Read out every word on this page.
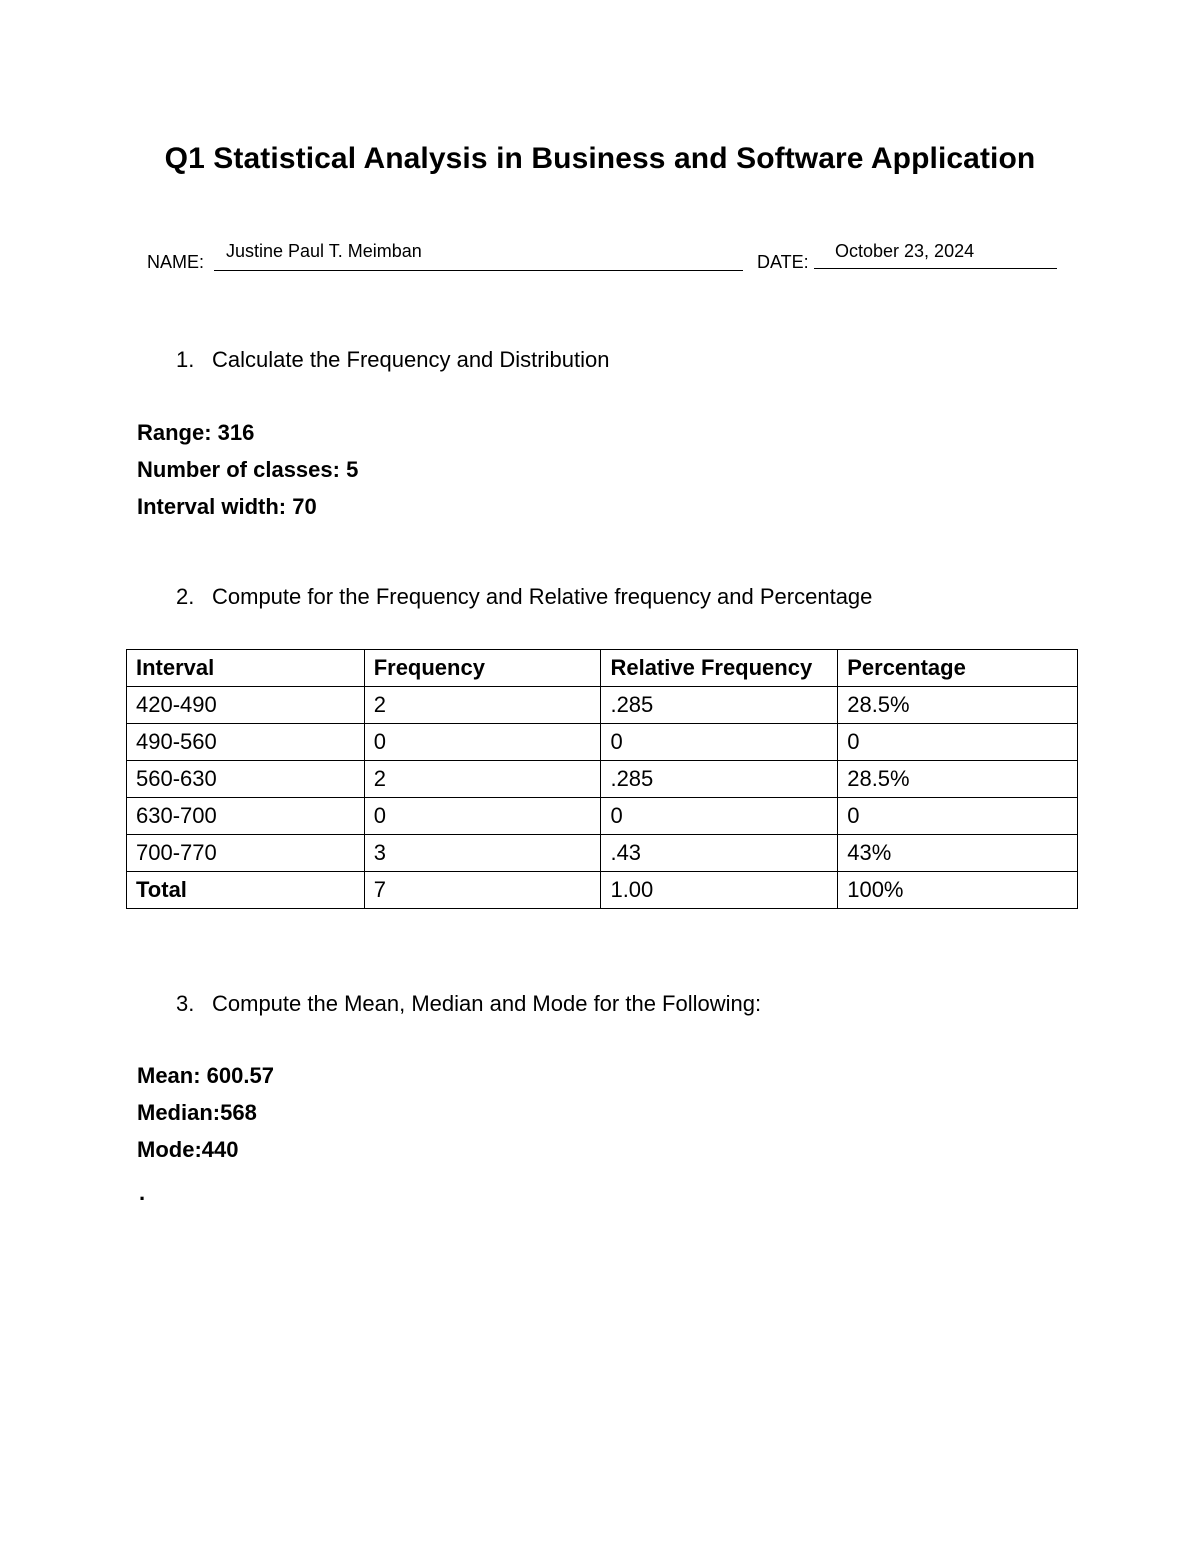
Q1 Statistical Analysis in Business and Software Application
NAME:
Justine Paul T. Meimban
DATE:
October 23, 2024
1. Calculate the Frequency and Distribution
Range: 316
Number of classes: 5
Interval width: 70
2. Compute for the Frequency and Relative frequency and Percentage
Interval	Frequency	Relative Frequency	Percentage
420-490	2	.285	28.5%
490-560	0	0	0
560-630	2	.285	28.5%
630-700	0	0	0
700-770	3	.43	43%
Total	7	1.00	100%
3. Compute the Mean, Median and Mode for the Following:
Mean: 600.57
Median:568
Mode:440
.
